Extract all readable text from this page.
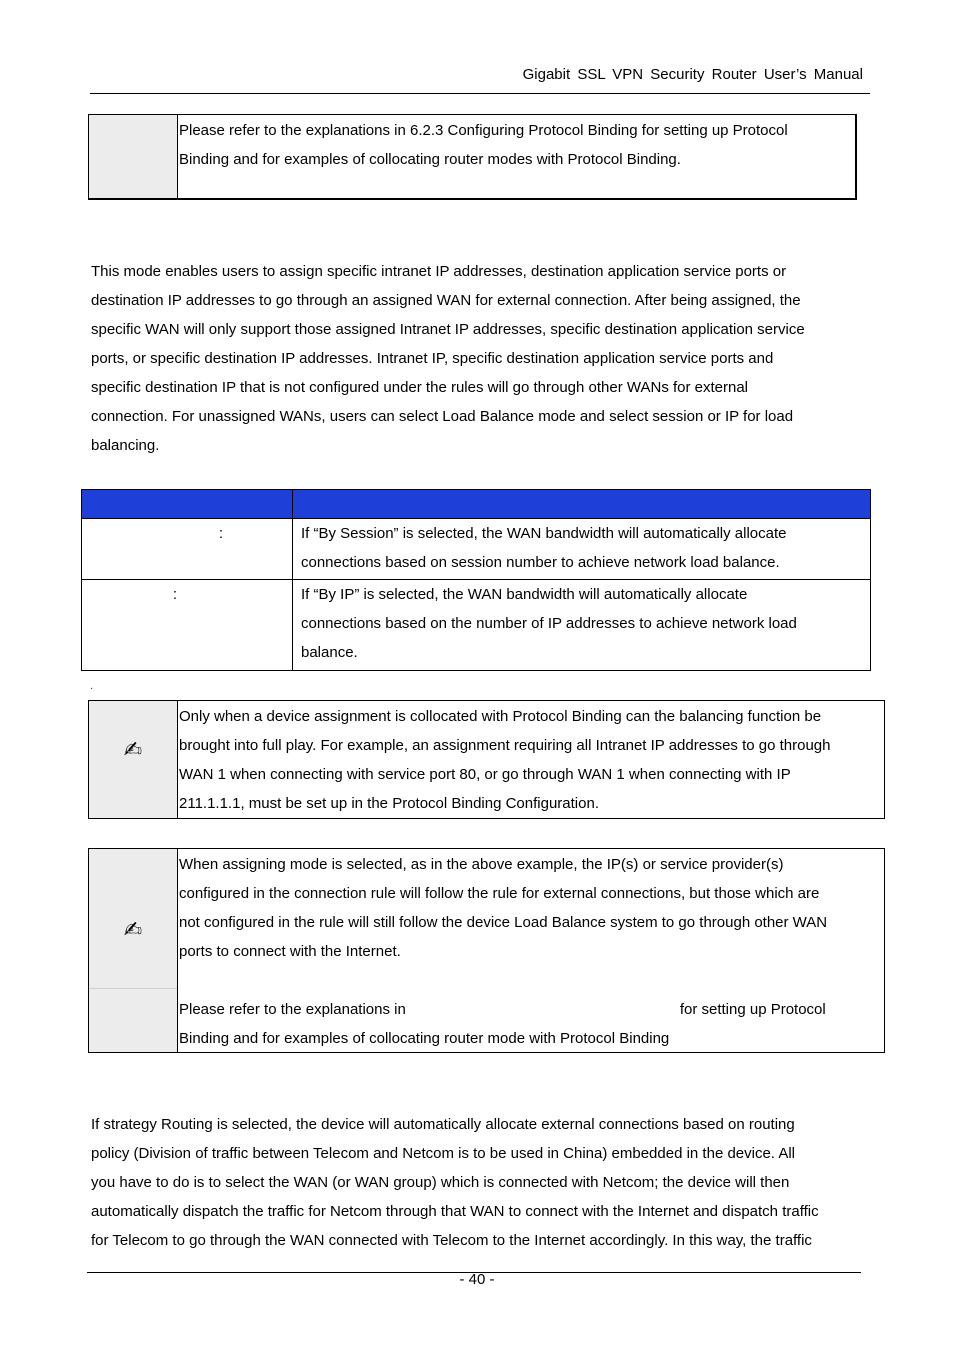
Gigabit SSL VPN Security Router User’s Manual
Please refer to the explanations in 6.2.3 Configuring Protocol Binding for setting up Protocol
Binding and for examples of collocating router modes with Protocol Binding.
This mode enables users to assign specific intranet IP addresses, destination application service ports or
destination IP addresses to go through an assigned WAN for external connection. After being assigned, the
specific WAN will only support those assigned Intranet IP addresses, specific destination application service
ports, or specific destination IP addresses. Intranet IP, specific destination application service ports and
specific destination IP that is not configured under the rules will go through other WANs for external
connection. For unassigned WANs, users can select Load Balance mode and select session or IP for load
balancing.

:	If “By Session” is selected, the WAN bandwidth will automatically allocate
connections based on session number to achieve network load balance.

:	If “By IP” is selected, the WAN bandwidth will automatically allocate
connections based on the number of IP addresses to achieve network load
balance.
.
✍
Only when a device assignment is collocated with Protocol Binding can the balancing function be
brought into full play. For example, an assignment requiring all Intranet IP addresses to go through
WAN 1 when connecting with service port 80, or go through WAN 1 when connecting with IP
211.1.1.1, must be set up in the Protocol Binding Configuration.
✍
When assigning mode is selected, as in the above example, the IP(s) or service provider(s)
configured in the connection rule will follow the rule for external connections, but those which are
not configured in the rule will still follow the device Load Balance system to go through other WAN
ports to connect with the Internet.

Please refer to the explanations in	for setting up Protocol
Binding and for examples of collocating router mode with Protocol Binding
If strategy Routing is selected, the device will automatically allocate external connections based on routing
policy (Division of traffic between Telecom and Netcom is to be used in China) embedded in the device. All
you have to do is to select the WAN (or WAN group) which is connected with Netcom; the device will then
automatically dispatch the traffic for Netcom through that WAN to connect with the Internet and dispatch traffic
for Telecom to go through the WAN connected with Telecom to the Internet accordingly. In this way, the traffic
- 40 -
